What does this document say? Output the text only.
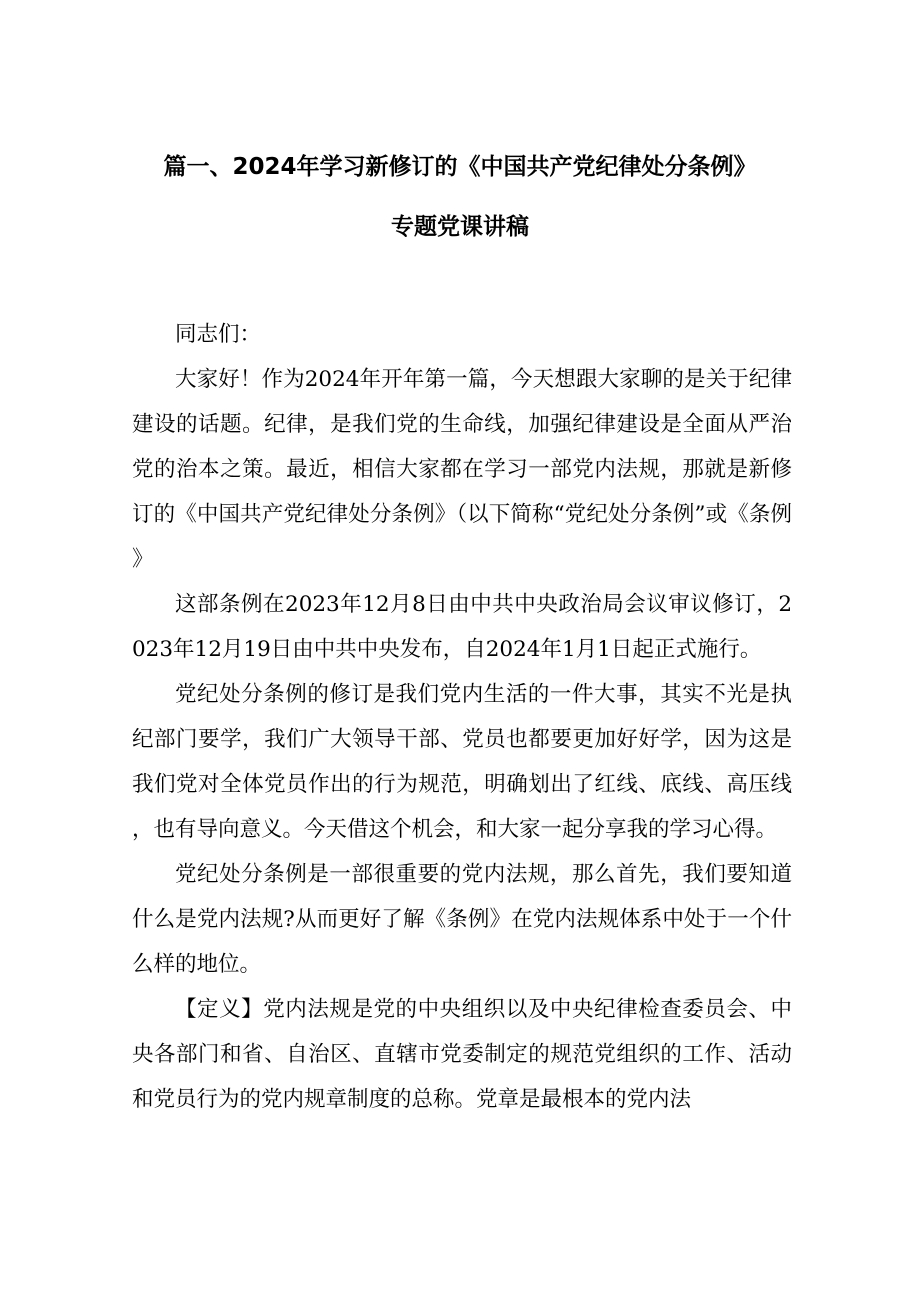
篇一、2024年学习新修订的《中国共产党纪律处分条例》
专题党课讲稿

同志们：

大家好！作为2024年开年第一篇，今天想跟大家聊的是关于纪律建设的话题。纪律，是我们党的生命线，加强纪律建设是全面从严治党的治本之策。最近，相信大家都在学习一部党内法规，那就是新修订的《中国共产党纪律处分条例》（以下简称“党纪处分条例”或《条例》

这部条例在2023年12月8日由中共中央政治局会议审议修订，2023年12月19日由中共中央发布，自2024年1月1日起正式施行。

党纪处分条例的修订是我们党内生活的一件大事，其实不光是执纪部门要学，我们广大领导干部、党员也都要更加好好学，因为这是我们党对全体党员作出的行为规范，明确划出了红线、底线、高压线，也有导向意义。今天借这个机会，和大家一起分享我的学习心得。

党纪处分条例是一部很重要的党内法规，那么首先，我们要知道什么是党内法规?从而更好了解《条例》在党内法规体系中处于一个什么样的地位。

【定义】党内法规是党的中央组织以及中央纪律检查委员会、中央各部门和省、自治区、直辖市党委制定的规范党组织的工作、活动和党员行为的党内规章制度的总称。党章是最根本的党内法
